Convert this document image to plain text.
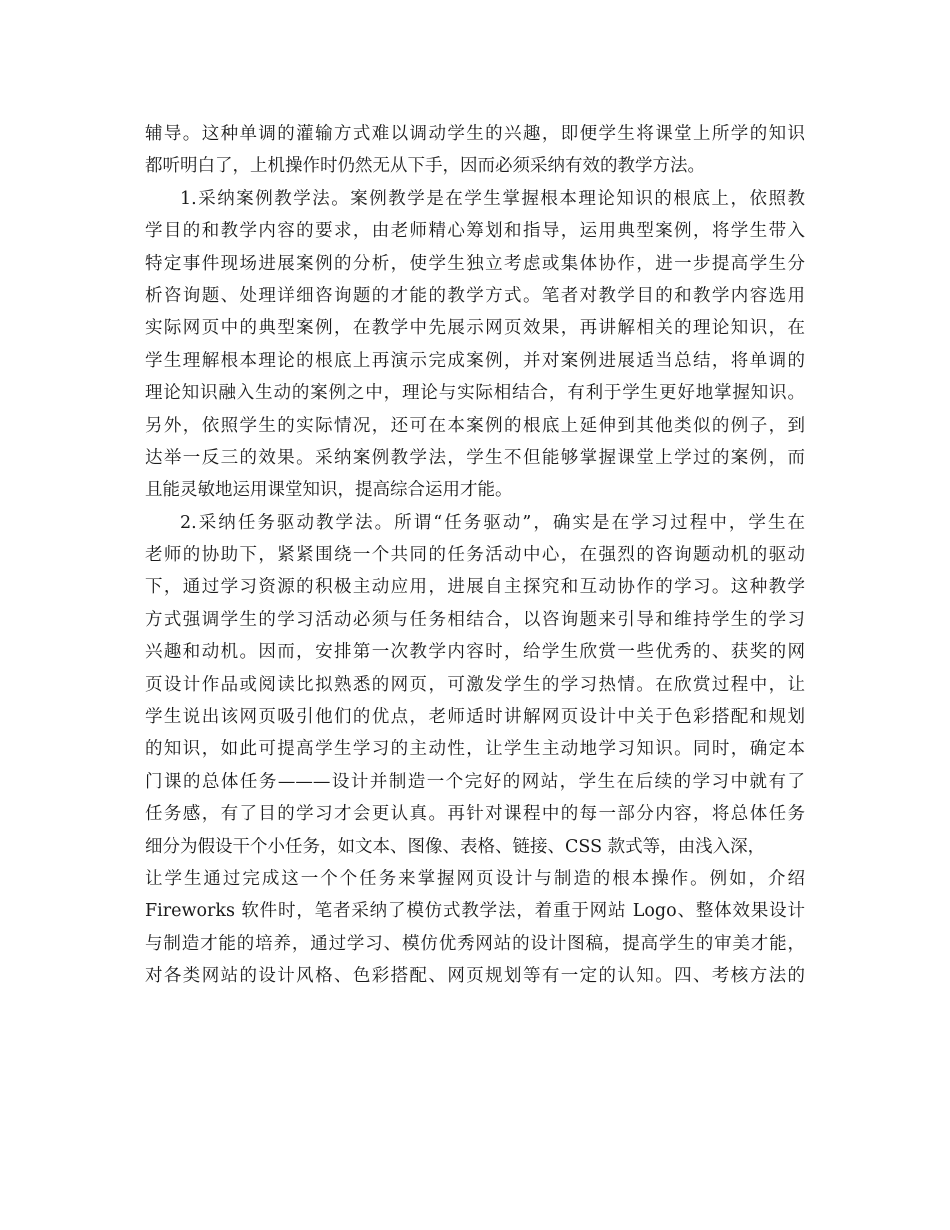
辅导。这种单调的灌输方式难以调动学生的兴趣，即便学生将课堂上所学的知识
都听明白了，上机操作时仍然无从下手，因而必须采纳有效的教学方法。
1.采纳案例教学法。案例教学是在学生掌握根本理论知识的根底上，依照教
学目的和教学内容的要求，由老师精心筹划和指导，运用典型案例，将学生带入
特定事件现场进展案例的分析，使学生独立考虑或集体协作，进一步提高学生分
析咨询题、处理详细咨询题的才能的教学方式。笔者对教学目的和教学内容选用
实际网页中的典型案例，在教学中先展示网页效果，再讲解相关的理论知识，在
学生理解根本理论的根底上再演示完成案例，并对案例进展适当总结，将单调的
理论知识融入生动的案例之中，理论与实际相结合，有利于学生更好地掌握知识。
另外，依照学生的实际情况，还可在本案例的根底上延伸到其他类似的例子，到
达举一反三的效果。采纳案例教学法，学生不但能够掌握课堂上学过的案例，而
且能灵敏地运用课堂知识，提高综合运用才能。
2.采纳任务驱动教学法。所谓“任务驱动”，确实是在学习过程中，学生在
老师的协助下，紧紧围绕一个共同的任务活动中心，在强烈的咨询题动机的驱动
下，通过学习资源的积极主动应用，进展自主探究和互动协作的学习。这种教学
方式强调学生的学习活动必须与任务相结合，以咨询题来引导和维持学生的学习
兴趣和动机。因而，安排第一次教学内容时，给学生欣赏一些优秀的、获奖的网
页设计作品或阅读比拟熟悉的网页，可激发学生的学习热情。在欣赏过程中，让
学生说出该网页吸引他们的优点，老师适时讲解网页设计中关于色彩搭配和规划
的知识，如此可提高学生学习的主动性，让学生主动地学习知识。同时，确定本
门课的总体任务———设计并制造一个完好的网站，学生在后续的学习中就有了
任务感，有了目的学习才会更认真。再针对课程中的每一部分内容，将总体任务
细分为假设干个小任务，如文本、图像、表格、链接、CSS 款式等，由浅入深，
让学生通过完成这一个个任务来掌握网页设计与制造的根本操作。例如，介绍
Fireworks 软件时，笔者采纳了模仿式教学法，着重于网站 Logo、整体效果设计
与制造才能的培养，通过学习、模仿优秀网站的设计图稿，提高学生的审美才能，
对各类网站的设计风格、色彩搭配、网页规划等有一定的认知。四、考核方法的
